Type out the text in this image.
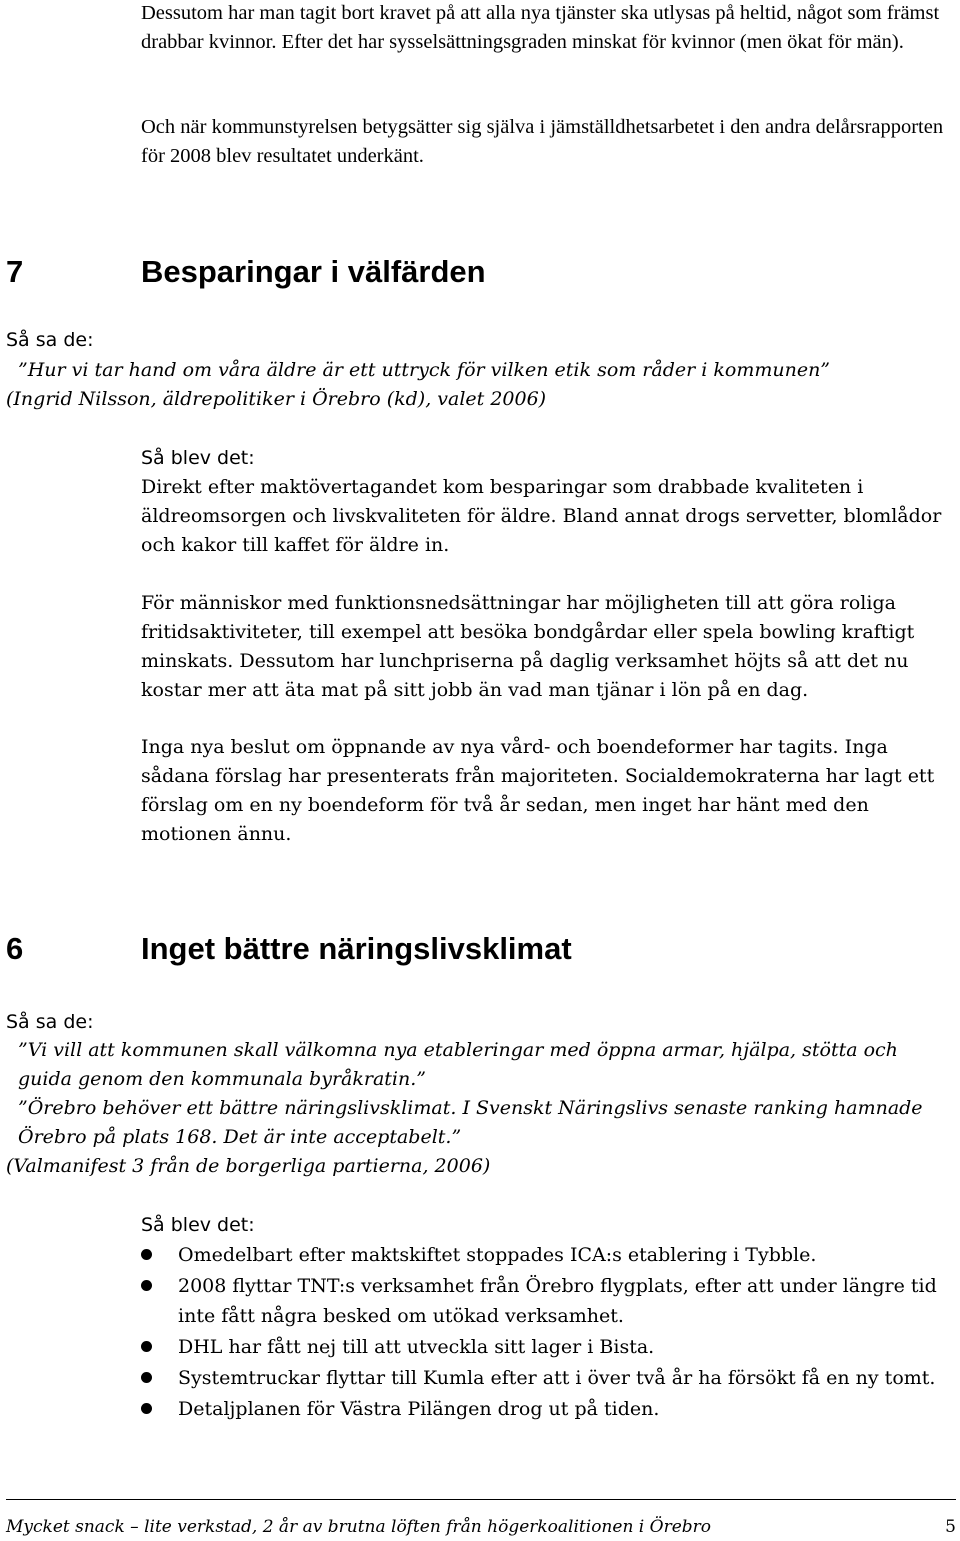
Dessutom har man tagit bort kravet på att alla nya tjänster ska utlysas på heltid, något som främst drabbar kvinnor. Efter det har sysselsättningsgraden minskat för kvinnor (men ökat för män).

Och när kommunstyrelsen betygsätter sig själva i jämställdhetsarbetet i den andra delårsrapporten för 2008 blev resultatet underkänt.

7	Besparingar i välfärden

Så sa de:

”Hur vi tar hand om våra äldre är ett uttryck för vilken etik som råder i kommunen”
(Ingrid Nilsson, äldrepolitiker i Örebro (kd), valet 2006)

Så blev det:

Direkt efter maktövertagandet kom besparingar som drabbade kvaliteten i äldreomsorgen och livskvaliteten för äldre. Bland annat drogs servetter, blomlådor och kakor till kaffet för äldre in.

För människor med funktionsnedsättningar har möjligheten till att göra roliga fritidsaktiviteter, till exempel att besöka bondgårdar eller spela bowling kraftigt minskats. Dessutom har lunchpriserna på daglig verksamhet höjts så att det nu kostar mer att äta mat på sitt jobb än vad man tjänar i lön på en dag.

Inga nya beslut om öppnande av nya vård- och boendeformer har tagits. Inga sådana förslag har presenterats från majoriteten. Socialdemokraterna har lagt ett förslag om en ny boendeform för två år sedan, men inget har hänt med den motionen ännu.

6	Inget bättre näringslivsklimat

Så sa de:

”Vi vill att kommunen skall välkomna nya etableringar med öppna armar, hjälpa, stötta och guida genom den kommunala byråkratin.”
”Örebro behöver ett bättre näringslivsklimat. I Svenskt Näringslivs senaste ranking hamnade Örebro på plats 168. Det är inte acceptabelt.”
(Valmanifest 3 från de borgerliga partierna, 2006)

Så blev det:

Omedelbart efter maktskiftet stoppades ICA:s etablering i Tybble.
2008 flyttar TNT:s verksamhet från Örebro flygplats, efter att under längre tid inte fått några besked om utökad verksamhet.
DHL har fått nej till att utveckla sitt lager i Bista.
Systemtruckar flyttar till Kumla efter att i över två år ha försökt få en ny tomt.
Detaljplanen för Västra Pilängen drog ut på tiden.

Mycket snack – lite verkstad, 2 år av brutna löften från högerkoalitionen i Örebro	5
